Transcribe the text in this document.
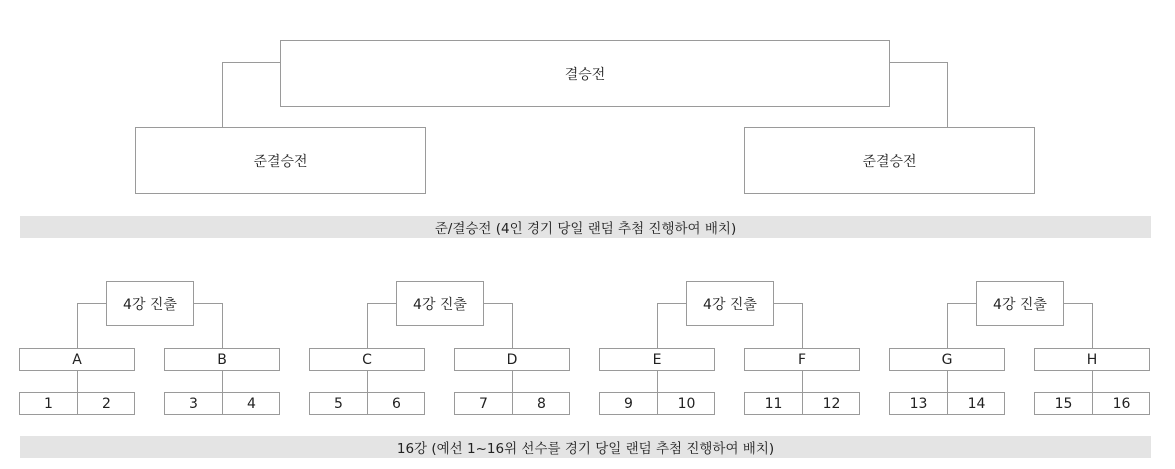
결승전
준결승전	준결승전
준/결승전 (4인 경기 당일 랜덤 추첨 진행하여 배치)
4강 진출
A
1	2
B
3	4
4강 진출
C
5	6
D
7	8
4강 진출
E
9	10
F
11	12
4강 진출
G
13	14
H
15	16
16강 (예선 1~16위 선수를 경기 당일 랜덤 추첨 진행하여 배치)
